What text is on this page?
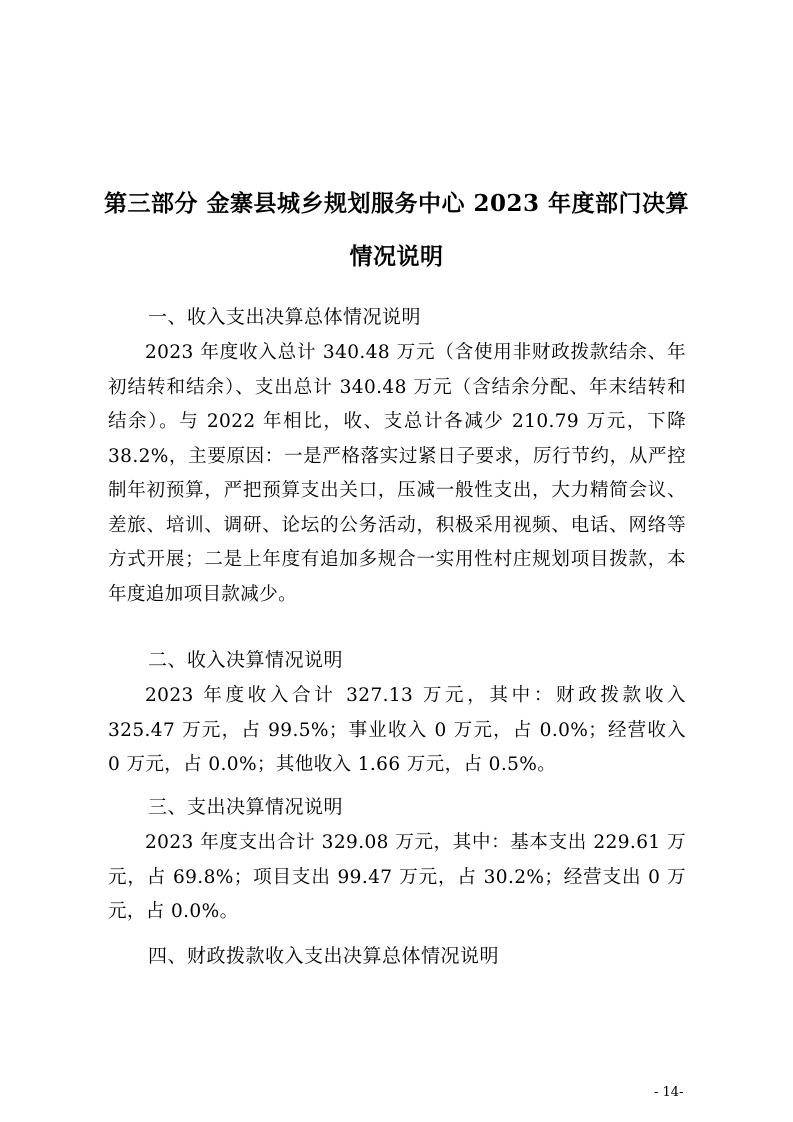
第三部分 金寨县城乡规划服务中心 2023 年度部门决算
情况说明
一、收入支出决算总体情况说明

2023 年度收入总计 340.48 万元（含使用非财政拨款结余、年初结转和结余）、支出总计 340.48 万元（含结余分配、年末结转和结余）。与 2022 年相比，收、支总计各减少 210.79 万元，下降 38.2%，主要原因：一是严格落实过紧日子要求，厉行节约，从严控制年初预算，严把预算支出关口，压减一般性支出，大力精简会议、差旅、培训、调研、论坛的公务活动，积极采用视频、电话、网络等方式开展；二是上年度有追加多规合一实用性村庄规划项目拨款，本年度追加项目款减少。

二、收入决算情况说明

2023 年度收入合计 327.13 万元，其中：财政拨款收入 325.47 万元，占 99.5%；事业收入 0 万元，占 0.0%；经营收入 0 万元，占 0.0%；其他收入 1.66 万元，占 0.5%。

三、支出决算情况说明

2023 年度支出合计 329.08 万元，其中：基本支出 229.61 万元，占 69.8%；项目支出 99.47 万元，占 30.2%；经营支出 0 万元，占 0.0%。

四、财政拨款收入支出决算总体情况说明
- 14-
